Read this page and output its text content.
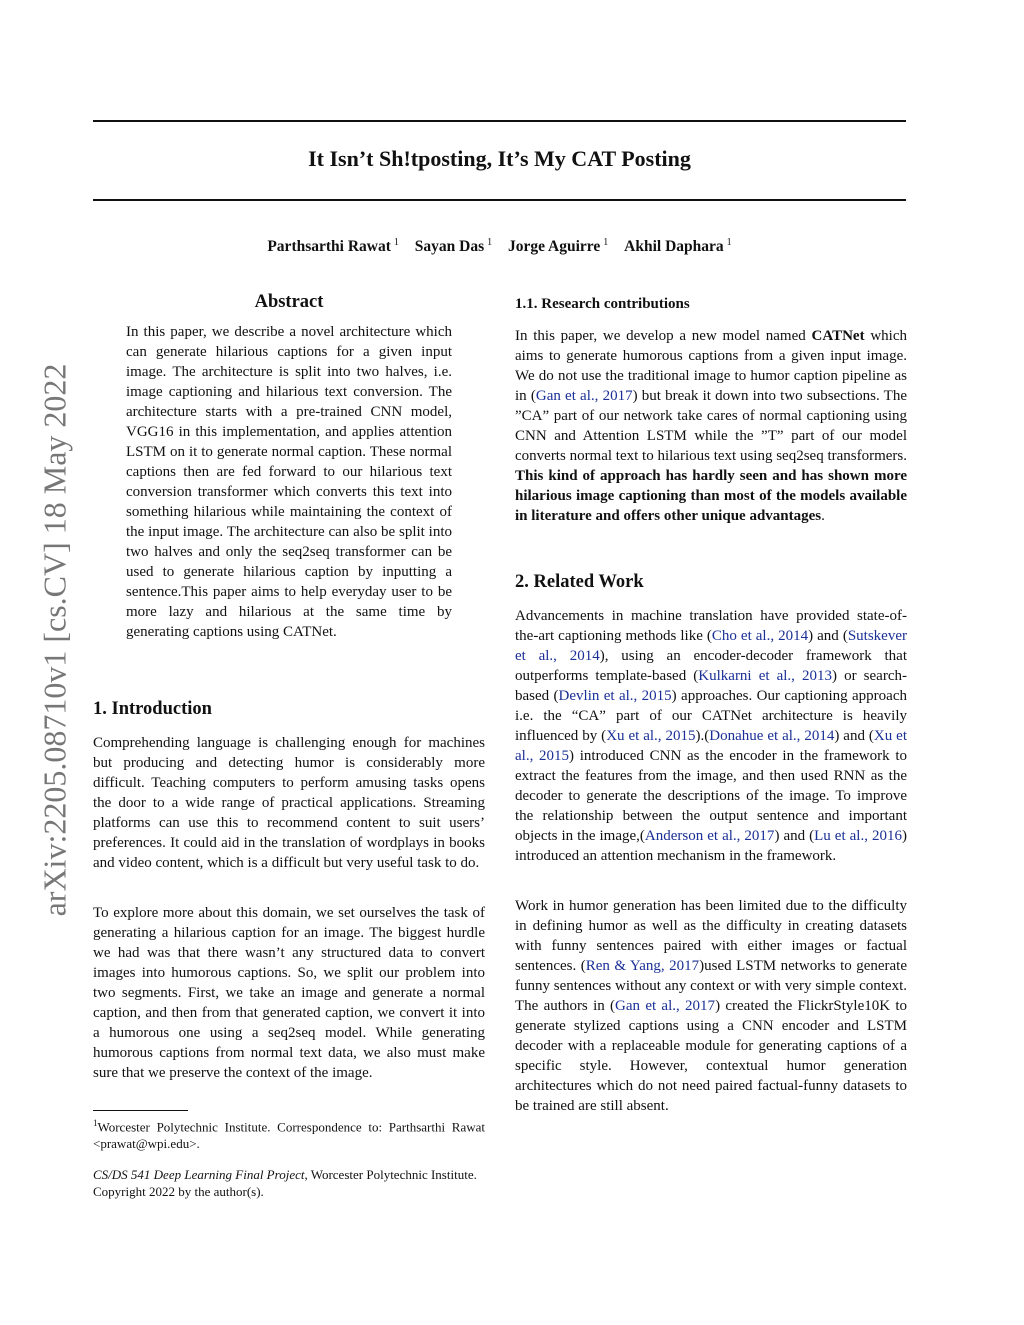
It Isn’t Sh!tposting, It’s My CAT Posting
Parthsarthi Rawat $^1$ Sayan Das $^1$ Jorge Aguirre $^1$ Akhil Daphara $^1$
arXiv:2205.08710v1 [cs.CV] 18 May 2022
Abstract

In this paper, we describe a novel architecture which can generate hilarious captions for a given input image. The architecture is split into two halves, i.e. image captioning and hilarious text conversion. The architecture starts with a pre-trained CNN model, VGG16 in this implementation, and applies attention LSTM on it to generate normal caption. These normal captions then are fed forward to our hilarious text conversion transformer which converts this text into something hilarious while maintaining the context of the input image. The architecture can also be split into two halves and only the seq2seq transformer can be used to generate hilarious caption by inputting a sentence.This paper aims to help everyday user to be more lazy and hilarious at the same time by generating captions using CATNet.

1. Introduction

Comprehending language is challenging enough for machines but producing and detecting humor is considerably more difficult. Teaching computers to perform amusing tasks opens the door to a wide range of practical applications. Streaming platforms can use this to recommend content to suit users’ preferences. It could aid in the translation of wordplays in books and video content, which is a difficult but very useful task to do.

To explore more about this domain, we set ourselves the task of generating a hilarious caption for an image. The biggest hurdle we had was that there wasn’t any structured data to convert images into humorous captions. So, we split our problem into two segments. First, we take an image and generate a normal caption, and then from that generated caption, we convert it into a humorous one using a seq2seq model. While generating humorous captions from normal text data, we also must make sure that we preserve the context of the image.

$^1$Worcester Polytechnic Institute. Correspondence to: Parthsarthi Rawat <prawat@wpi.edu>.

CS/DS 541 Deep Learning Final Project, Worcester Polytechnic Institute. Copyright 2022 by the author(s).

1.1. Research contributions

In this paper, we develop a new model named CATNet which aims to generate humorous captions from a given input image. We do not use the traditional image to humor caption pipeline as in (Gan et al., 2017) but break it down into two subsections. The ”CA” part of our network take cares of normal captioning using CNN and Attention LSTM while the ”T” part of our model converts normal text to hilarious text using seq2seq transformers. This kind of approach has hardly seen and has shown more hilarious image captioning than most of the models available in literature and offers other unique advantages.

2. Related Work

Advancements in machine translation have provided state-of-the-art captioning methods like (Cho et al., 2014) and (Sutskever et al., 2014), using an encoder-decoder framework that outperforms template-based (Kulkarni et al., 2013) or search-based (Devlin et al., 2015) approaches. Our captioning approach i.e. the “CA” part of our CATNet architecture is heavily influenced by (Xu et al., 2015).(Donahue et al., 2014) and (Xu et al., 2015) introduced CNN as the encoder in the framework to extract the features from the image, and then used RNN as the decoder to generate the descriptions of the image. To improve the relationship between the output sentence and important objects in the image,(Anderson et al., 2017) and (Lu et al., 2016) introduced an attention mechanism in the framework.

Work in humor generation has been limited due to the difficulty in defining humor as well as the difficulty in creating datasets with funny sentences paired with either images or factual sentences. (Ren & Yang, 2017)used LSTM networks to generate funny sentences without any context or with very simple context. The authors in (Gan et al., 2017) created the FlickrStyle10K to generate stylized captions using a CNN encoder and LSTM decoder with a replaceable module for generating captions of a specific style. However, contextual humor generation architectures which do not need paired factual-funny datasets to be trained are still absent.
